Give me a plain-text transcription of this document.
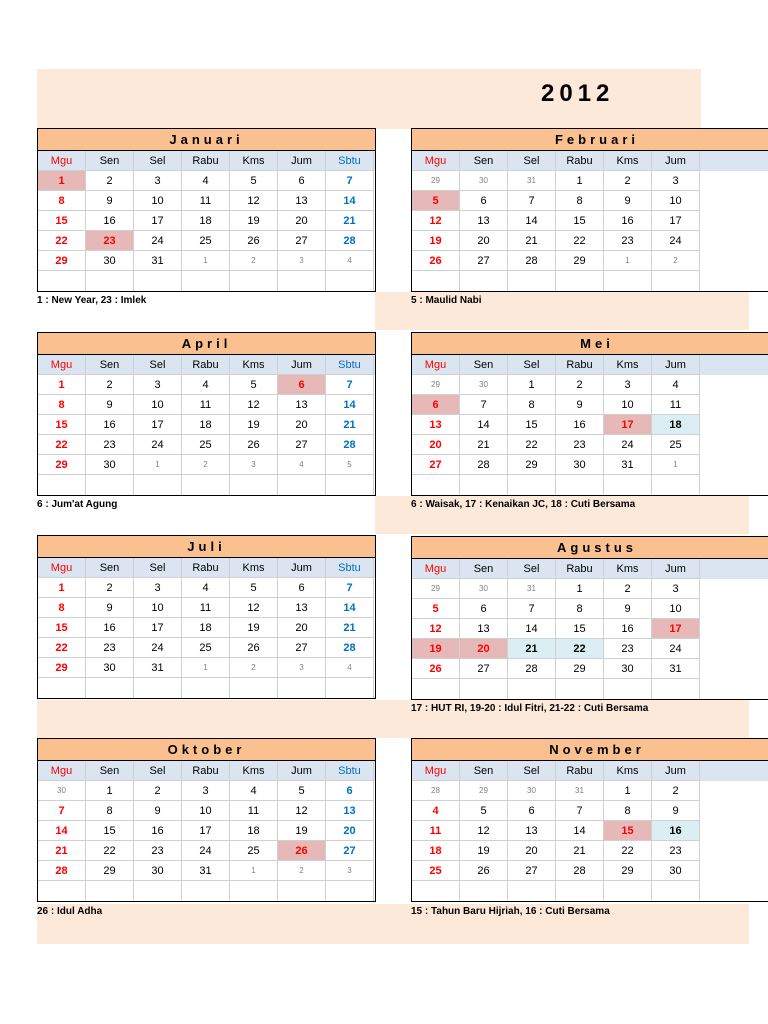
2012
Januari
Mgu	Sen	Sel	Rabu	Kms	Jum	Sbtu
1	2	3	4	5	6	7
8	9	10	11	12	13	14
15	16	17	18	19	20	21
22	23	24	25	26	27	28
29	30	31	1	2	3	4
1 : New Year, 23 : Imlek
Februari
Mgu	Sen	Sel	Rabu	Kms	Jum
29	30	31	1	2	3
5	6	7	8	9	10
12	13	14	15	16	17
19	20	21	22	23	24
26	27	28	29	1	2
5 : Maulid Nabi
April
Mgu	Sen	Sel	Rabu	Kms	Jum	Sbtu
1	2	3	4	5	6	7
8	9	10	11	12	13	14
15	16	17	18	19	20	21
22	23	24	25	26	27	28
29	30	1	2	3	4	5
6 : Jum'at Agung
Mei
Mgu	Sen	Sel	Rabu	Kms	Jum
29	30	1	2	3	4
6	7	8	9	10	11
13	14	15	16	17	18
20	21	22	23	24	25
27	28	29	30	31	1
6 : Waisak, 17 : Kenaikan JC, 18 : Cuti Bersama
Juli
Mgu	Sen	Sel	Rabu	Kms	Jum	Sbtu
1	2	3	4	5	6	7
8	9	10	11	12	13	14
15	16	17	18	19	20	21
22	23	24	25	26	27	28
29	30	31	1	2	3	4
Agustus
Mgu	Sen	Sel	Rabu	Kms	Jum
29	30	31	1	2	3
5	6	7	8	9	10
12	13	14	15	16	17
19	20	21	22	23	24
26	27	28	29	30	31
17 : HUT RI, 19-20 : Idul Fitri, 21-22 : Cuti Bersama
Oktober
Mgu	Sen	Sel	Rabu	Kms	Jum	Sbtu
30	1	2	3	4	5	6
7	8	9	10	11	12	13
14	15	16	17	18	19	20
21	22	23	24	25	26	27
28	29	30	31	1	2	3
26 : Idul Adha
November
Mgu	Sen	Sel	Rabu	Kms	Jum
28	29	30	31	1	2
4	5	6	7	8	9
11	12	13	14	15	16
18	19	20	21	22	23
25	26	27	28	29	30
15 : Tahun Baru Hijriah, 16 : Cuti Bersama
